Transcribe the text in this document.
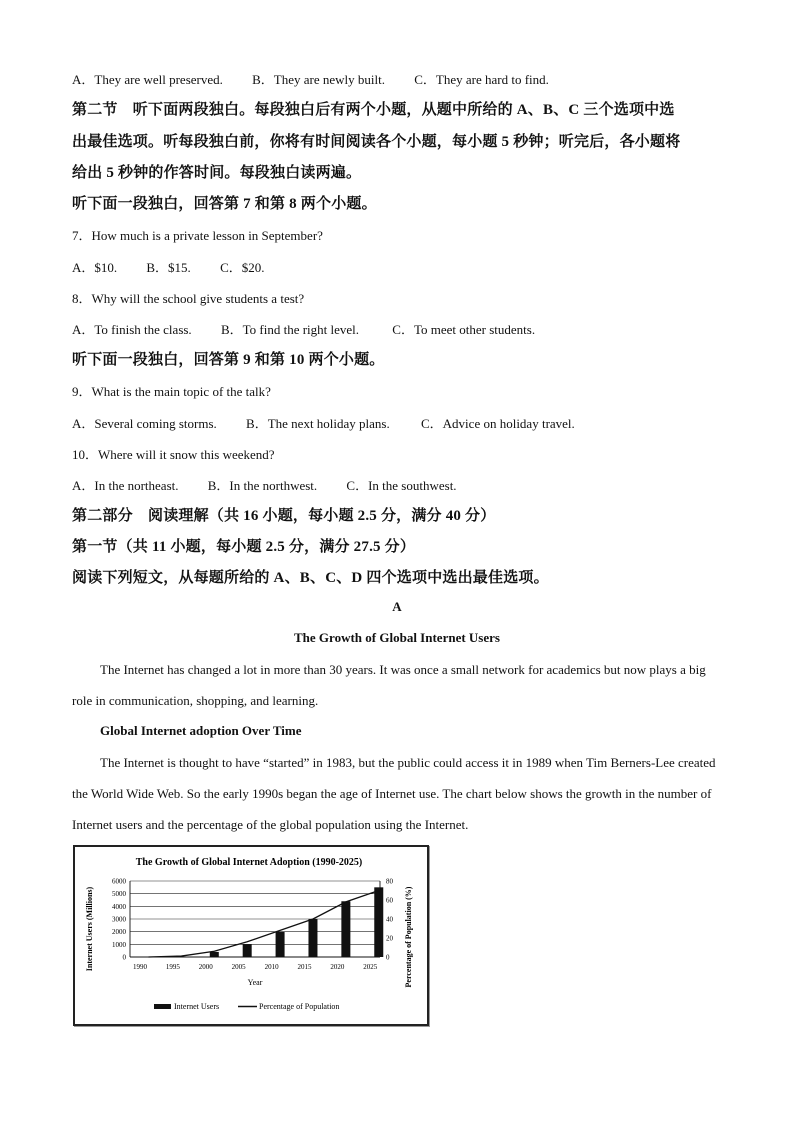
A．They are well preserved. B．They are newly built. C．They are hard to find.
第二节　听下面两段独白。每段独白后有两个小题，从题中所给的 A、B、C 三个选项中选
出最佳选项。听每段独白前，你将有时间阅读各个小题，每小题 5 秒钟；听完后，各小题将
给出 5 秒钟的作答时间。每段独白读两遍。
听下面一段独白，回答第 7 和第 8 两个小题。
7．How much is a private lesson in September?
A．$10. B．$15. C．$20.
8．Why will the school give students a test?
A．To finish the class. B．To find the right level.	C．To meet other students.
听下面一段独白，回答第 9 和第 10 两个小题。
9．What is the main topic of the talk?
A．Several coming storms. B．The next holiday plans. C．Advice on holiday travel.
10．Where will it snow this weekend?
A．In the northeast. B．In the northwest. C．In the southwest.
第二部分　阅读理解（共 16 小题，每小题 2.5 分，满分 40 分）
第一节（共 11 小题，每小题 2.5 分，满分 27.5 分）
阅读下列短文，从每题所给的 A、B、C、D 四个选项中选出最佳选项。
A
The Growth of Global Internet Users
The Internet has changed a lot in more than 30 years. It was once a small network for academics but now plays a big role in communication, shopping, and learning.
Global Internet adoption Over Time
The Internet is thought to have “started” in 1983, but the public could access it in 1989 when Tim Berners-Lee created the World Wide Web. So the early 1990s began the age of Internet use. The chart below shows the growth in the number of Internet users and the percentage of the global population using the Internet.
The Growth of Global Internet Adoption (1990-2025)
0
1000
2000
3000
4000
5000
6000
0
20
40
60
80
1990	1995	2000	2005	2010	2015	2020	2025
Year
Internet Users (Millions)	Percentage of Population (%)
Internet Users	Percentage of Population
